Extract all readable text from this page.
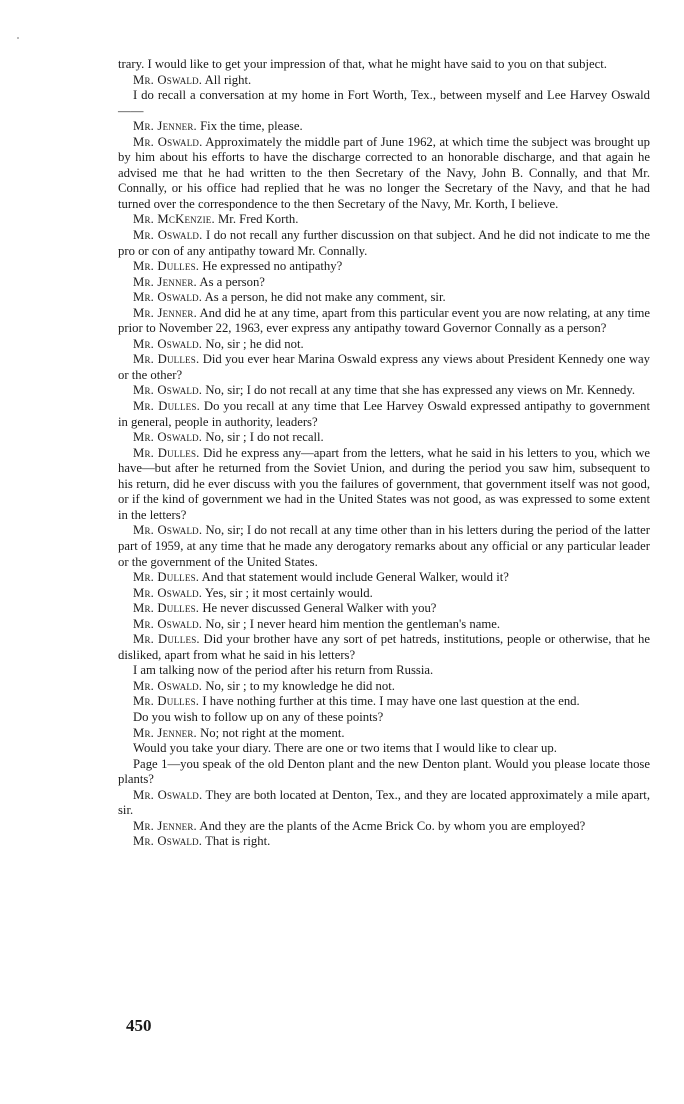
trary. I would like to get your impression of that, what he might have said to you on that subject.

Mr. Oswald. All right.

I do recall a conversation at my home in Fort Worth, Tex., between myself and Lee Harvey Oswald——

Mr. Jenner. Fix the time, please.

Mr. Oswald. Approximately the middle part of June 1962, at which time the subject was brought up by him about his efforts to have the discharge corrected to an honorable discharge, and that again he advised me that he had written to the then Secretary of the Navy, John B. Connally, and that Mr. Connally, or his office had replied that he was no longer the Secretary of the Navy, and that he had turned over the correspondence to the then Secretary of the Navy, Mr. Korth, I believe.

Mr. McKenzie. Mr. Fred Korth.

Mr. Oswald. I do not recall any further discussion on that subject. And he did not indicate to me the pro or con of any antipathy toward Mr. Connally.

Mr. Dulles. He expressed no antipathy?

Mr. Jenner. As a person?

Mr. Oswald. As a person, he did not make any comment, sir.

Mr. Jenner. And did he at any time, apart from this particular event you are now relating, at any time prior to November 22, 1963, ever express any antipathy toward Governor Connally as a person?

Mr. Oswald. No, sir ; he did not.

Mr. Dulles. Did you ever hear Marina Oswald express any views about President Kennedy one way or the other?

Mr. Oswald. No, sir; I do not recall at any time that she has expressed any views on Mr. Kennedy.

Mr. Dulles. Do you recall at any time that Lee Harvey Oswald expressed antipathy to government in general, people in authority, leaders?

Mr. Oswald. No, sir ; I do not recall.

Mr. Dulles. Did he express any—apart from the letters, what he said in his letters to you, which we have—but after he returned from the Soviet Union, and during the period you saw him, subsequent to his return, did he ever discuss with you the failures of government, that government itself was not good, or if the kind of government we had in the United States was not good, as was expressed to some extent in the letters?

Mr. Oswald. No, sir; I do not recall at any time other than in his letters during the period of the latter part of 1959, at any time that he made any derogatory remarks about any official or any particular leader or the government of the United States.

Mr. Dulles. And that statement would include General Walker, would it?

Mr. Oswald. Yes, sir ; it most certainly would.

Mr. Dulles. He never discussed General Walker with you?

Mr. Oswald. No, sir ; I never heard him mention the gentleman's name.

Mr. Dulles. Did your brother have any sort of pet hatreds, institutions, people or otherwise, that he disliked, apart from what he said in his letters?

I am talking now of the period after his return from Russia.

Mr. Oswald. No, sir ; to my knowledge he did not.

Mr. Dulles. I have nothing further at this time. I may have one last question at the end.

Do you wish to follow up on any of these points?

Mr. Jenner. No; not right at the moment.

Would you take your diary. There are one or two items that I would like to clear up.

Page 1—you speak of the old Denton plant and the new Denton plant. Would you please locate those plants?

Mr. Oswald. They are both located at Denton, Tex., and they are located approximately a mile apart, sir.

Mr. Jenner. And they are the plants of the Acme Brick Co. by whom you are employed?

Mr. Oswald. That is right.

450
